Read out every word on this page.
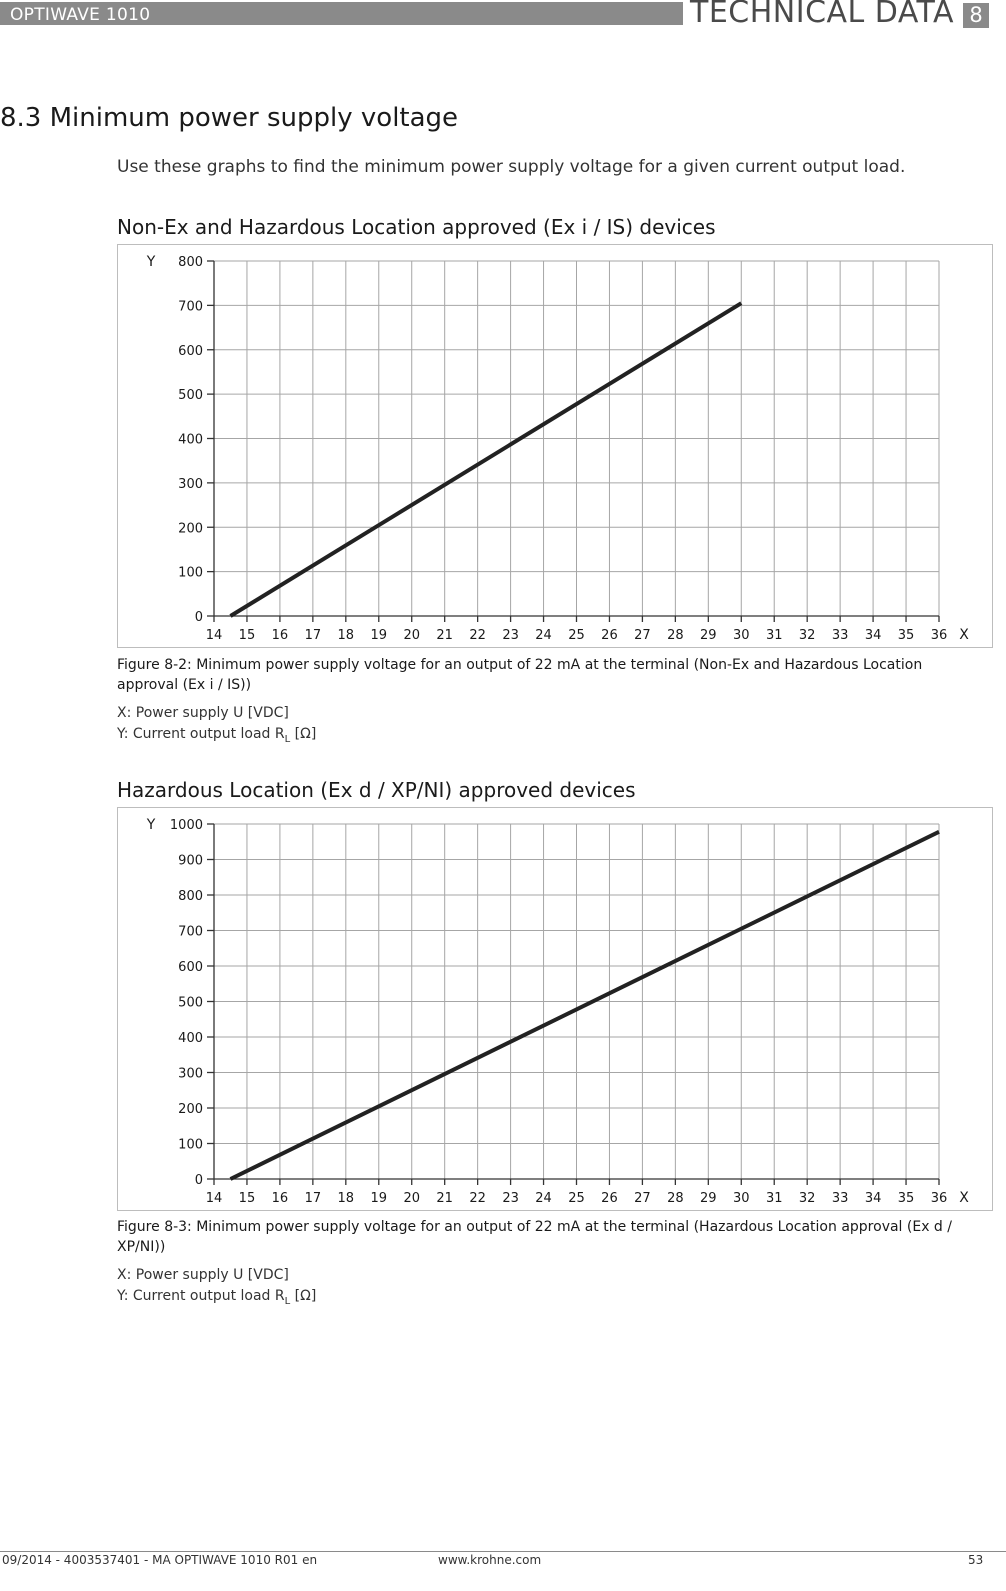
OPTIWAVE 1010	TECHNICAL DATA 8
8.3 Minimum power supply voltage
Use these graphs to find the minimum power supply voltage for a given current output load.
Non-Ex and Hazardous Location approved (Ex i / IS) devices
0
100
200
300
400
500
600
700
800
14 15 16 17 18 19 20 21 22 23 24 25 26 27 28 29 30 31 32 33 34 35 36
Y
X
Figure 8-2: Minimum power supply voltage for an output of 22 mA at the terminal (Non-Ex and Hazardous Location approval (Ex i / IS))
X: Power supply U [VDC]
Y: Current output load $R_L$ [Ω]
Hazardous Location (Ex d / XP/NI) approved devices
0
100
200
300
400
500
600
700
800
900
1000
14 15 16 17 18 19 20 21 22 23 24 25 26 27 28 29 30 31 32 33 34 35 36
Y
X
Figure 8-3: Minimum power supply voltage for an output of 22 mA at the terminal (Hazardous Location approval (Ex d / XP/NI))
X: Power supply U [VDC]
Y: Current output load $R_L$ [Ω]
09/2014 - 4003537401 - MA OPTIWAVE 1010 R01 en	www.krohne.com	53
